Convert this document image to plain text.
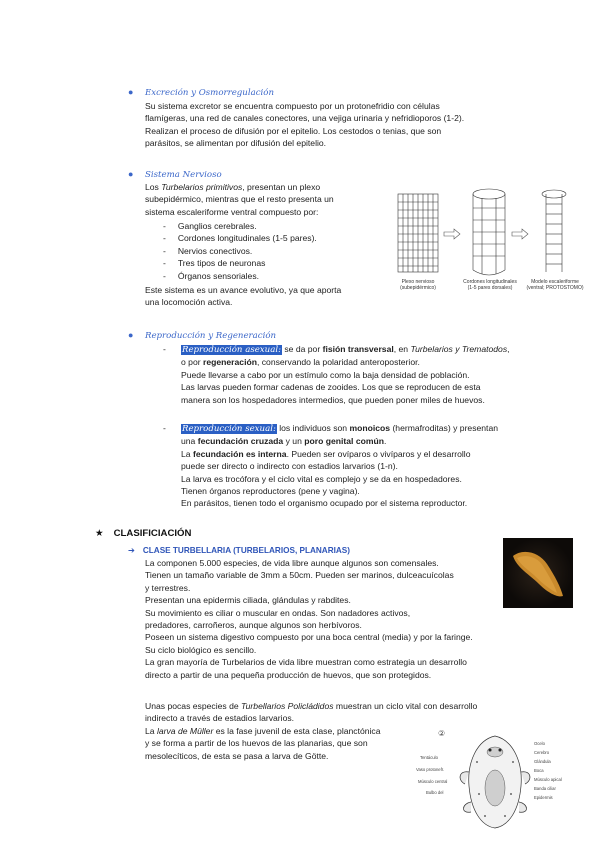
● Excreción y Osmorregulación

Su sistema excretor se encuentra compuesto por un protonefridio con células

flamígeras, una red de canales conectores, una vejiga urinaria y nefridioporos (1-2).

Realizan el proceso de difusión por el epitelio. Los cestodos o tenias, que son

parásitos, se alimentan por difusión del epitelio.

● Sistema Nervioso

Los Turbelarios primitivos, presentan un plexo

subepidérmico, mientras que el resto presenta un

sistema escaleriforme ventral compuesto por:

-     Ganglios cerebrales.

-     Cordones longitudinales (1-5 pares).

-     Nervios conectivos.

-     Tres tipos de neuronas

-     Órganos sensoriales.

Este sistema es un avance evolutivo, ya que aporta

una locomoción activa.

Plexo nervioso
(subepidérmico)
Cordones longitudinales
(1-5 pares dorsales)
Modelo escaleriforme
(ventral; PROTOSTOMO)
● Reproducción y Regeneración
- Reproducción asexual: se da por fisión transversal, en Turbelarios y Trematodos,

o por regeneración, conservando la polaridad anteroposterior.

Puede llevarse a cabo por un estímulo como la baja densidad de población.

Las larvas pueden formar cadenas de zooides. Los que se reproducen de esta

manera son los hospedadores intermedios, que pueden poner miles de huevos.

- Reproducción sexual: los individuos son monoicos (hermafroditas) y presentan

una fecundación cruzada y un poro genital común.

La fecundación es interna. Pueden ser ovíparos o vivíparos y el desarrollo

puede ser directo o indirecto con estadios larvarios (1-n).

La larva es trocófora y el ciclo vital es complejo y se da en hospedadores.

Tienen órganos reproductores (pene y vagina).

En parásitos, tienen todo el organismo ocupado por el sistema reproductor.

★ CLASIFICIACIÓN
➔ CLASE TURBELLARIA (TURBELARIOS, PLANARIAS)

La componen 5.000 especies, de vida libre aunque algunos son comensales.

Tienen un tamaño variable de 3mm a 50cm. Pueden ser marinos, dulceacuícolas

y terrestres.

Presentan una epidermis ciliada, glándulas y rabdites.

Su movimiento es ciliar o muscular en ondas. Son nadadores activos,

predadores, carroñeros, aunque algunos son herbívoros.

Poseen un sistema digestivo compuesto por una boca central (media) y por la faringe.

Su ciclo biológico es sencillo.

La gran mayoría de Turbelarios de vida libre muestran como estrategia un desarrollo

directo a partir de una pequeña producción de huevos, que son protegidos.

Unas pocas especies de Turbellarios Policládidos muestran un ciclo vital con desarrollo

indirecto a través de estadios larvarios.

La larva de Müller es la fase juvenil de esta clase, planctónica

y se forma a partir de los huevos de las planarias, que son

mesolecíticos, de esta se pasa a larva de Götte.

②
Tentáculo
Vaso protonefr.
Músculo central
Bulbo del
Ocelo
Cerebro
Glándula
Boca
Músculo apical
Banda ciliar
Epidermis
